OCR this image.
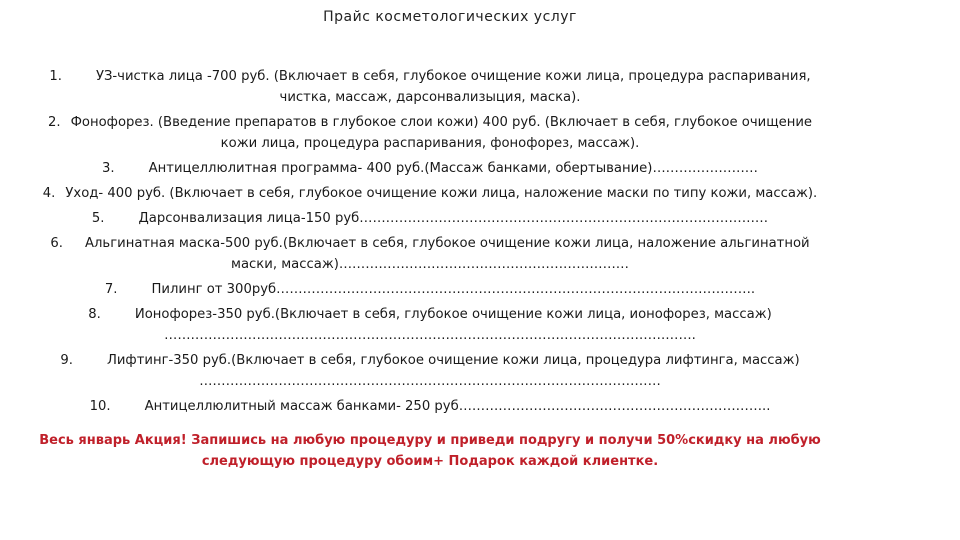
Прайс косметологических услуг
1.	УЗ-чистка лица -700 руб. (Включает в себя, глубокое очищение кожи лица, процедура распаривания, чистка, массаж, дарсонвализыция, маска).
2. Фонофорез. (Введение препаратов в глубокое слои кожи) 400 руб. (Включает в себя, глубокое очищение кожи лица, процедура распаривания, фонофорез, массаж).
3.	Антицеллюлитная программа- 400 руб.(Массаж банками, обертывание)……………………
4. Уход- 400 руб. (Включает в себя, глубокое очищение кожи лица, наложение маски по типу кожи, массаж).
5.	Дарсонвализация лица-150 руб…………………………………………………………………………………
6. Альгинатная маска-500 руб.(Включает в себя, глубокое очищение кожи лица, наложение альгинатной маски, массаж)…………………………………………………………
7.	Пилинг от 300руб……………………………………………………………………………………………….
8.	Ионофорез-350 руб.(Включает в себя, глубокое очищение кожи лица, ионофорез, массаж) ………………………………………………………………………………………………………….
9.	Лифтинг-350 руб.(Включает в себя, глубокое очищение кожи лица, процедура лифтинга, массаж) ……………………………………………………………………………………………
10.	Антицеллюлитный массаж банками- 250 руб……………………………………………………………..
Весь январь Акция! Запишись на любую процедуру и приведи подругу и получи 50%скидку на любую следующую процедуру обоим+ Подарок каждой клиентке.
